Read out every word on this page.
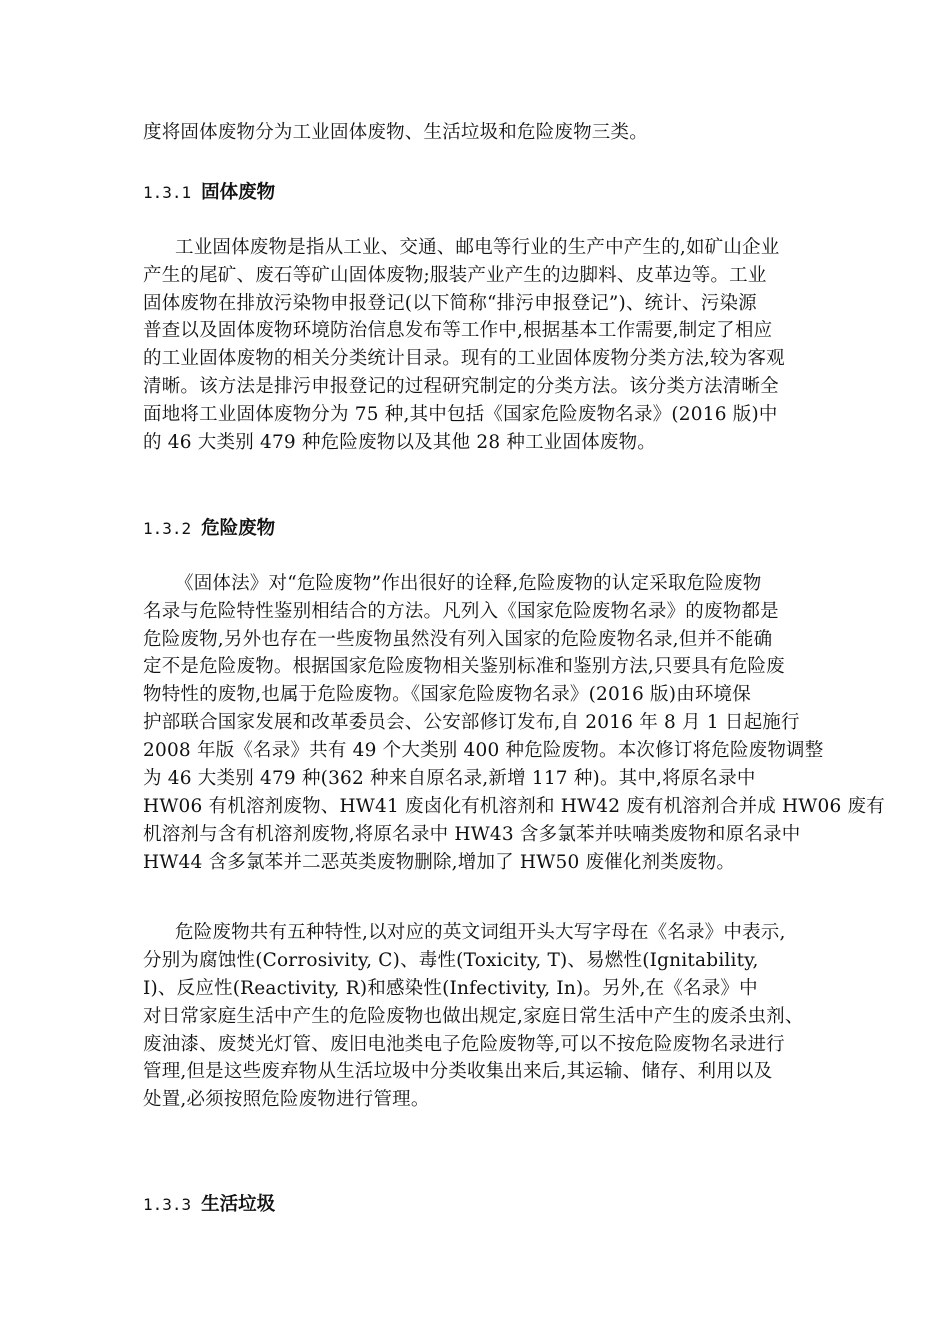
度将固体废物分为工业固体废物、生活垃圾和危险废物三类。
1.3.1 固体废物
工业固体废物是指从工业、交通、邮电等行业的生产中产生的,如矿山企业
产生的尾矿、废石等矿山固体废物;服装产业产生的边脚料、皮革边等。工业
固体废物在排放污染物申报登记(以下简称“排污申报登记”)、统计、污染源
普查以及固体废物环境防治信息发布等工作中,根据基本工作需要,制定了相应
的工业固体废物的相关分类统计目录。现有的工业固体废物分类方法,较为客观
清晰。该方法是排污申报登记的过程研究制定的分类方法。该分类方法清晰全
面地将工业固体废物分为 75 种,其中包括《国家危险废物名录》(2016 版)中
的 46 大类别 479 种危险废物以及其他 28 种工业固体废物。
1.3.2 危险废物
《固体法》对“危险废物”作出很好的诠释,危险废物的认定采取危险废物
名录与危险特性鉴别相结合的方法。凡列入《国家危险废物名录》的废物都是
危险废物,另外也存在一些废物虽然没有列入国家的危险废物名录,但并不能确
定不是危险废物。根据国家危险废物相关鉴别标准和鉴别方法,只要具有危险废
物特性的废物,也属于危险废物。《国家危险废物名录》(2016 版)由环境保
护部联合国家发展和改革委员会、公安部修订发布,自 2016 年 8 月 1 日起施行
2008 年版《名录》共有 49 个大类别 400 种危险废物。本次修订将危险废物调整
为 46 大类别 479 种(362 种来自原名录,新增 117 种)。其中,将原名录中
HW06 有机溶剂废物、HW41 废卤化有机溶剂和 HW42 废有机溶剂合并成 HW06 废有
机溶剂与含有机溶剂废物,将原名录中 HW43 含多氯苯并呋喃类废物和原名录中
HW44 含多氯苯并二恶英类废物删除,增加了 HW50 废催化剂类废物。
危险废物共有五种特性,以对应的英文词组开头大写字母在《名录》中表示,
分别为腐蚀性(Corrosivity, C)、毒性(Toxicity, T)、易燃性(Ignitability,
I)、反应性(Reactivity, R)和感染性(Infectivity, In)。另外,在《名录》中
对日常家庭生活中产生的危险废物也做出规定,家庭日常生活中产生的废杀虫剂、
废油漆、废焚光灯管、废旧电池类电子危险废物等,可以不按危险废物名录进行
管理,但是这些废弃物从生活垃圾中分类收集出来后,其运输、储存、利用以及
处置,必须按照危险废物进行管理。
1.3.3 生活垃圾
